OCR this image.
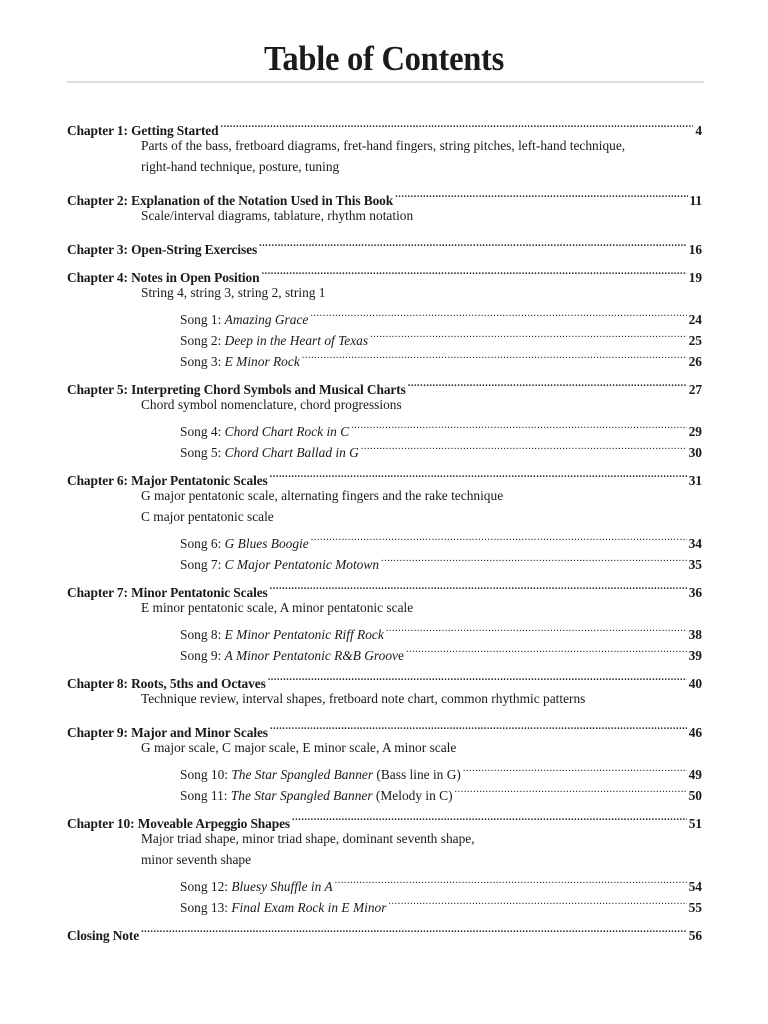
Table of Contents
Chapter 1: Getting Started .....	4
Parts of the bass, fretboard diagrams, fret-hand fingers, string pitches, left-hand technique,
right-hand technique, posture, tuning
Chapter 2: Explanation of the Notation Used in This Book .....	11
Scale/interval diagrams, tablature, rhythm notation
Chapter 3: Open-String Exercises .....	16
Chapter 4: Notes in Open Position .....	19
String 4, string 3, string 2, string 1
Song 1: Amazing Grace .....	24
Song 2: Deep in the Heart of Texas .....	25
Song 3: E Minor Rock .....	26
Chapter 5: Interpreting Chord Symbols and Musical Charts .....	27
Chord symbol nomenclature, chord progressions
Song 4: Chord Chart Rock in C .....	29
Song 5: Chord Chart Ballad in G .....	30
Chapter 6: Major Pentatonic Scales .....	31
G major pentatonic scale, alternating fingers and the rake technique
C major pentatonic scale
Song 6: G Blues Boogie .....	34
Song 7: C Major Pentatonic Motown .....	35
Chapter 7: Minor Pentatonic Scales .....	36
E minor pentatonic scale, A minor pentatonic scale
Song 8: E Minor Pentatonic Riff Rock .....	38
Song 9: A Minor Pentatonic R&B Groove .....	39
Chapter 8: Roots, 5ths and Octaves .....	40
Technique review, interval shapes, fretboard note chart, common rhythmic patterns
Chapter 9: Major and Minor Scales .....	46
G major scale, C major scale, E minor scale, A minor scale
Song 10: The Star Spangled Banner (Bass line in G) .....	49
Song 11: The Star Spangled Banner (Melody in C) .....	50
Chapter 10: Moveable Arpeggio Shapes .....	51
Major triad shape, minor triad shape, dominant seventh shape,
minor seventh shape
Song 12: Bluesy Shuffle in A .....	54
Song 13: Final Exam Rock in E Minor .....	55
Closing Note .....	56
